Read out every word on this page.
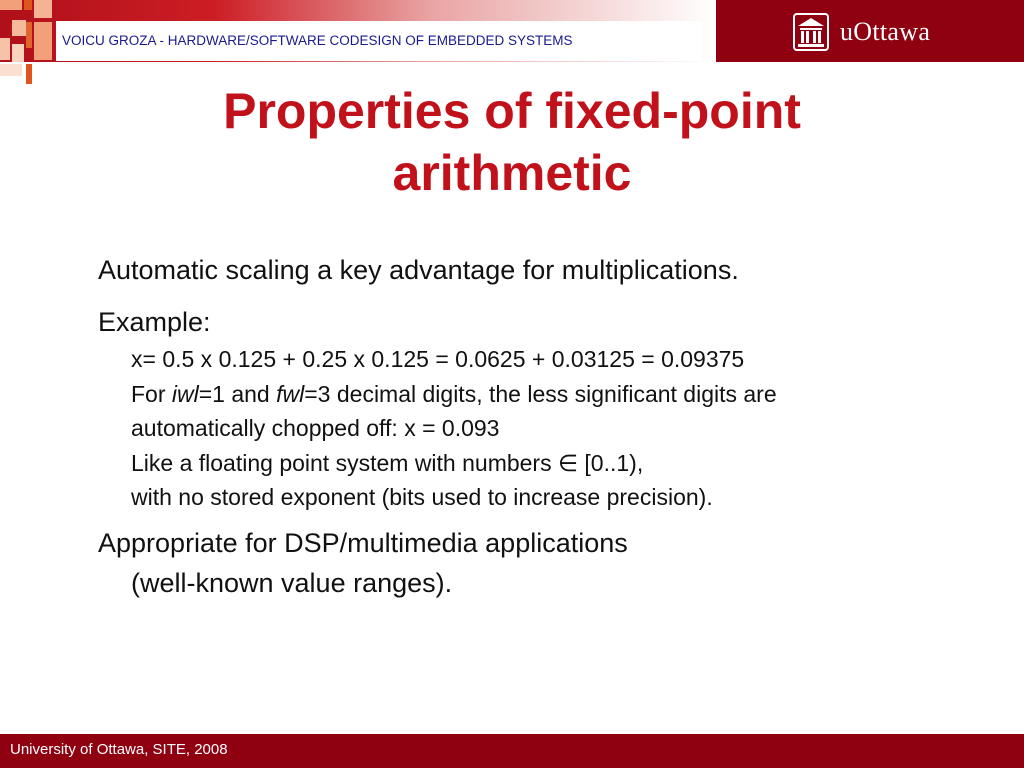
VOICU GROZA - HARDWARE/SOFTWARE CODESIGN OF EMBEDDED SYSTEMS	uOttawa
Properties of fixed-point
arithmetic

Automatic scaling a key advantage for multiplications.

Example:

x= 0.5 x 0.125 + 0.25 x 0.125 = 0.0625 + 0.03125 = 0.09375

For iwl=1 and fwl=3 decimal digits, the less significant digits are

automatically chopped off: x = 0.093

Like a floating point system with numbers ∈ [0..1),

with no stored exponent (bits used to increase precision).

Appropriate for DSP/multimedia applications

(well-known value ranges).

University of Ottawa, SITE, 2008
